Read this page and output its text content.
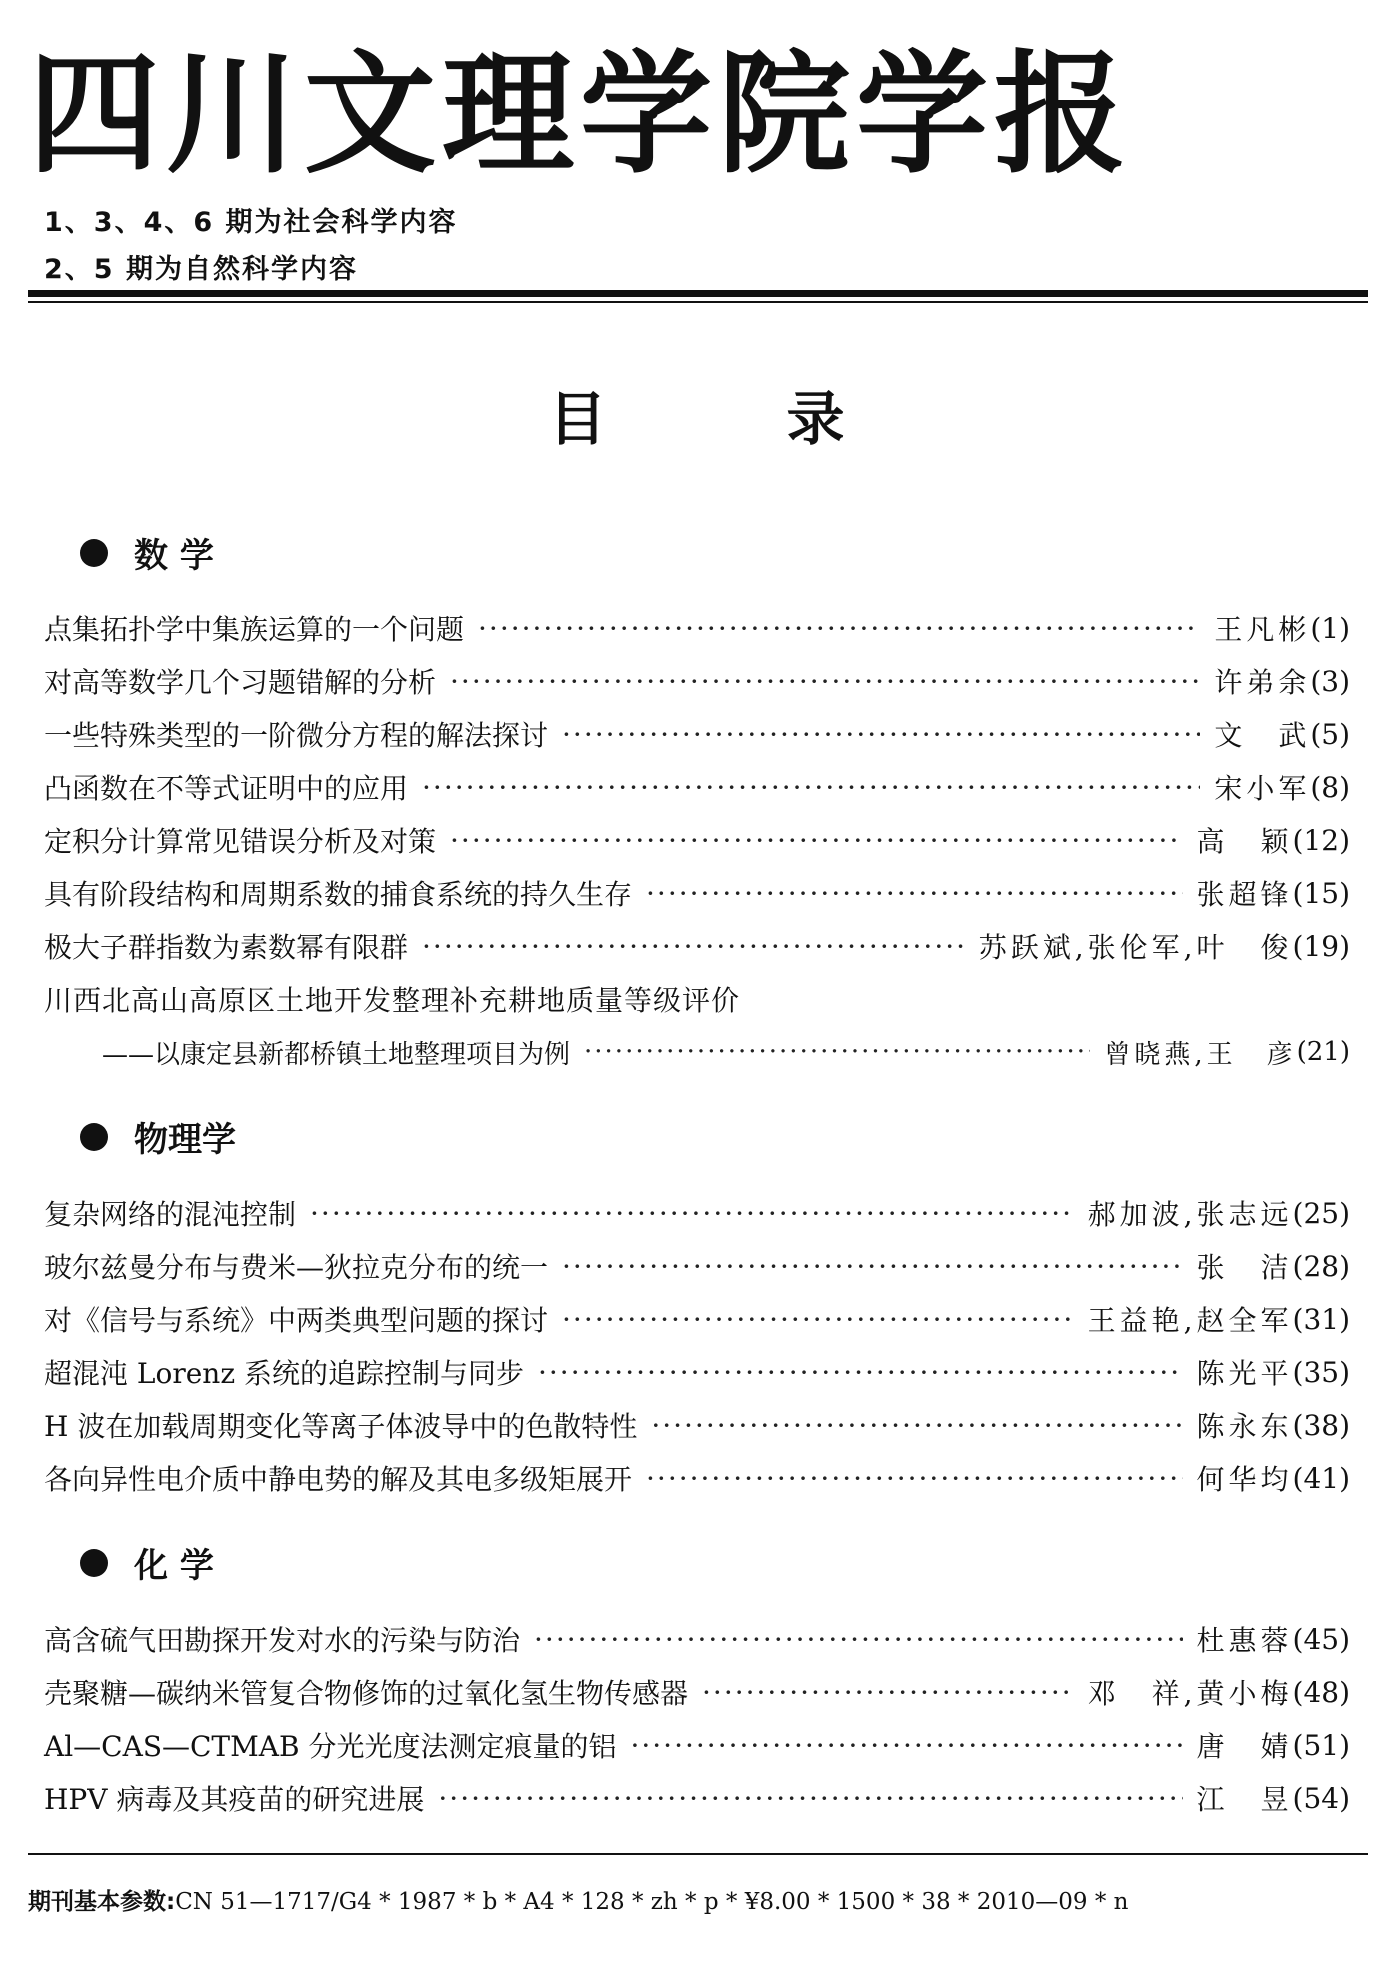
四川文理学院学报
1、3、4、6 期为社会科学内容
2、5 期为自然科学内容
目录
数 学
点集拓扑学中集族运算的一个问题 ·····	王凡彬 (1)
对高等数学几个习题错解的分析 ·····	许弟余 (3)
一些特殊类型的一阶微分方程的解法探讨 ·····	文　武 (5)
凸函数在不等式证明中的应用 ·····	宋小军 (8)
定积分计算常见错误分析及对策 ·····	高　颖 (12)
具有阶段结构和周期系数的捕食系统的持久生存 ·····	张超锋 (15)
极大子群指数为素数幂有限群 ·····	苏跃斌,张伦军,叶　俊 (19)
川西北高山高原区土地开发整理补充耕地质量等级评价
——以康定县新都桥镇土地整理项目为例 ·····	曾晓燕,王　彦 (21)
物理学
复杂网络的混沌控制 ·····	郝加波,张志远 (25)
玻尔兹曼分布与费米—狄拉克分布的统一 ·····	张　洁 (28)
对《信号与系统》中两类典型问题的探讨 ·····	王益艳,赵全军 (31)
超混沌 Lorenz 系统的追踪控制与同步 ·····	陈光平 (35)
H 波在加载周期变化等离子体波导中的色散特性 ·····	陈永东 (38)
各向异性电介质中静电势的解及其电多级矩展开 ·····	何华均 (41)
化 学
高含硫气田勘探开发对水的污染与防治 ·····	杜惠蓉 (45)
壳聚糖—碳纳米管复合物修饰的过氧化氢生物传感器 ·····	邓　祥,黄小梅 (48)
Al—CAS—CTMAB 分光光度法测定痕量的铝 ·····	唐　婧 (51)
HPV 病毒及其疫苗的研究进展 ·····	江　昱 (54)
期刊基本参数:CN 51—1717/G4 * 1987 * b * A4 * 128 * zh * p * ¥8.00 * 1500 * 38 * 2010—09 * n
